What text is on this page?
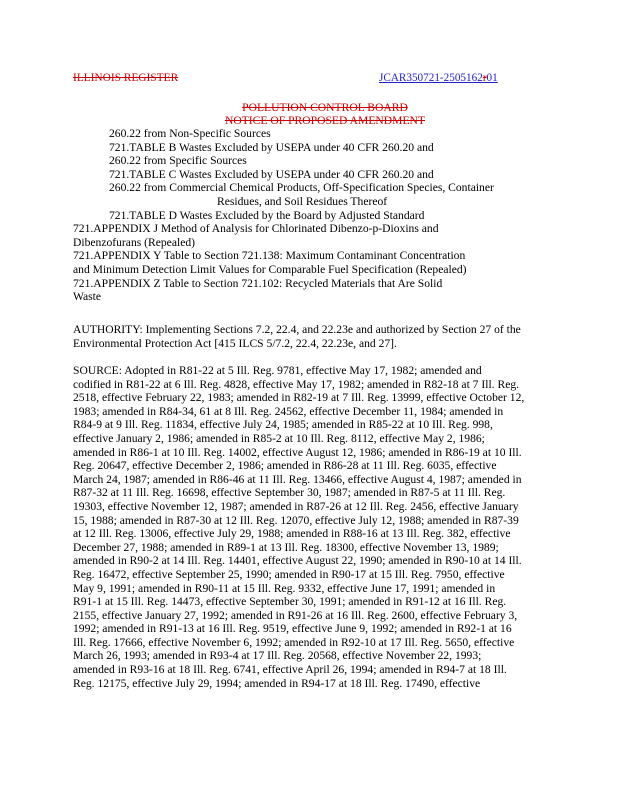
ILLINOIS REGISTER	JCAR350721-2505162r01
POLLUTION CONTROL BOARD
NOTICE OF PROPOSED AMENDMENT
260.22 from Non-Specific Sources
721.TABLE B Wastes Excluded by USEPA under 40 CFR 260.20 and
260.22 from Specific Sources
721.TABLE C Wastes Excluded by USEPA under 40 CFR 260.20 and
260.22 from Commercial Chemical Products, Off-Specification Species, Container
Residues, and Soil Residues Thereof
721.TABLE D Wastes Excluded by the Board by Adjusted Standard
721.APPENDIX J Method of Analysis for Chlorinated Dibenzo-p-Dioxins and
Dibenzofurans (Repealed)
721.APPENDIX Y Table to Section 721.138: Maximum Contaminant Concentration
and Minimum Detection Limit Values for Comparable Fuel Specification (Repealed)
721.APPENDIX Z Table to Section 721.102: Recycled Materials that Are Solid
Waste
AUTHORITY: Implementing Sections 7.2, 22.4, and 22.23e and authorized by Section 27 of the
Environmental Protection Act [415 ILCS 5/7.2, 22.4, 22.23e, and 27].
SOURCE: Adopted in R81-22 at 5 Ill. Reg. 9781, effective May 17, 1982; amended and
codified in R81-22 at 6 Ill. Reg. 4828, effective May 17, 1982; amended in R82-18 at 7 Ill. Reg.
2518, effective February 22, 1983; amended in R82-19 at 7 Ill. Reg. 13999, effective October 12,
1983; amended in R84-34, 61 at 8 Ill. Reg. 24562, effective December 11, 1984; amended in
R84-9 at 9 Ill. Reg. 11834, effective July 24, 1985; amended in R85-22 at 10 Ill. Reg. 998,
effective January 2, 1986; amended in R85-2 at 10 Ill. Reg. 8112, effective May 2, 1986;
amended in R86-1 at 10 Ill. Reg. 14002, effective August 12, 1986; amended in R86-19 at 10 Ill.
Reg. 20647, effective December 2, 1986; amended in R86-28 at 11 Ill. Reg. 6035, effective
March 24, 1987; amended in R86-46 at 11 Ill. Reg. 13466, effective August 4, 1987; amended in
R87-32 at 11 Ill. Reg. 16698, effective September 30, 1987; amended in R87-5 at 11 Ill. Reg.
19303, effective November 12, 1987; amended in R87-26 at 12 Ill. Reg. 2456, effective January
15, 1988; amended in R87-30 at 12 Ill. Reg. 12070, effective July 12, 1988; amended in R87-39
at 12 Ill. Reg. 13006, effective July 29, 1988; amended in R88-16 at 13 Ill. Reg. 382, effective
December 27, 1988; amended in R89-1 at 13 Ill. Reg. 18300, effective November 13, 1989;
amended in R90-2 at 14 Ill. Reg. 14401, effective August 22, 1990; amended in R90-10 at 14 Ill.
Reg. 16472, effective September 25, 1990; amended in R90-17 at 15 Ill. Reg. 7950, effective
May 9, 1991; amended in R90-11 at 15 Ill. Reg. 9332, effective June 17, 1991; amended in
R91-1 at 15 Ill. Reg. 14473, effective September 30, 1991; amended in R91-12 at 16 Ill. Reg.
2155, effective January 27, 1992; amended in R91-26 at 16 Ill. Reg. 2600, effective February 3,
1992; amended in R91-13 at 16 Ill. Reg. 9519, effective June 9, 1992; amended in R92-1 at 16
Ill. Reg. 17666, effective November 6, 1992; amended in R92-10 at 17 Ill. Reg. 5650, effective
March 26, 1993; amended in R93-4 at 17 Ill. Reg. 20568, effective November 22, 1993;
amended in R93-16 at 18 Ill. Reg. 6741, effective April 26, 1994; amended in R94-7 at 18 Ill.
Reg. 12175, effective July 29, 1994; amended in R94-17 at 18 Ill. Reg. 17490, effective
